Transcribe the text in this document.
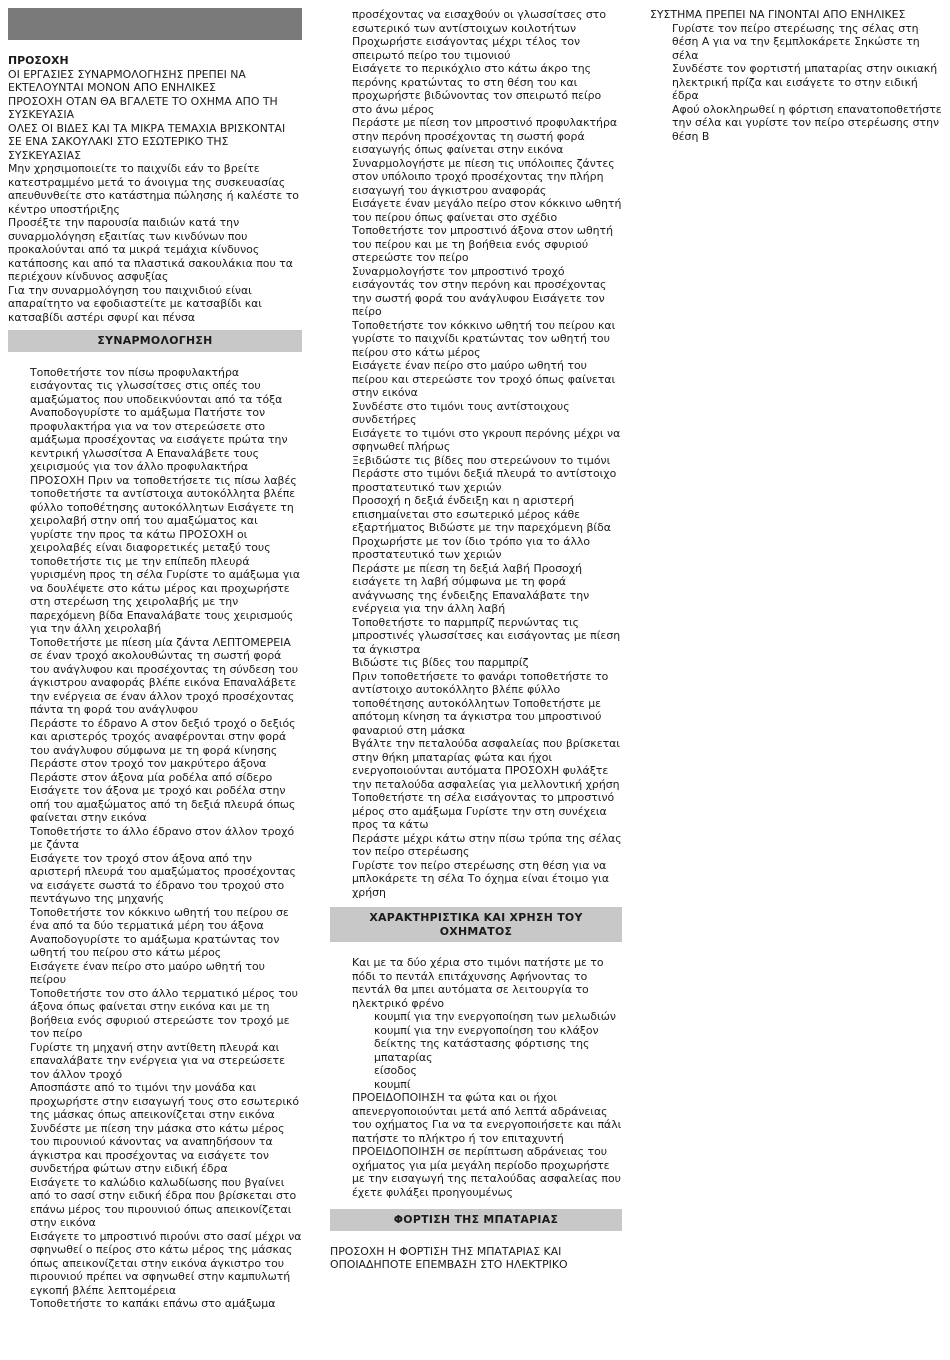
ΠΡΟΣΟΧΗ
ΟΙ ΕΡΓΑΣΙΕΣ ΣΥΝΑΡΜΟΛΟΓΗΣΗΣ ΠΡΕΠΕΙ ΝΑ ΕΚΤΕΛΟΥΝΤΑΙ ΜΟΝΟΝ ΑΠΟ ΕΝΗΛΙΚΕΣ
ΠΡΟΣΟΧΗ ΟΤΑΝ ΘΑ ΒΓΑΛΕΤΕ ΤΟ ΟΧΗΜΑ ΑΠΟ ΤΗ ΣΥΣΚΕΥΑΣΙΑ
ΟΛΕΣ ΟΙ ΒΙΔΕΣ ΚΑΙ ΤΑ ΜΙΚΡΑ ΤΕΜΑΧΙΑ ΒΡΙΣΚΟΝΤΑΙ ΣΕ ΕΝΑ ΣΑΚΟΥΛΑΚΙ ΣΤΟ ΕΣΩΤΕΡΙΚΟ ΤΗΣ ΣΥΣΚΕΥΑΣΙΑΣ
Μην χρησιμοποιείτε το παιχνίδι εάν το βρείτε κατεστραμμένο μετά το άνοιγμα της συσκευασίας απευθυνθείτε στο κατάστημα πώλησης ή καλέστε το κέντρο υποστήριξης
Προσέξτε την παρουσία παιδιών κατά την συναρμολόγηση εξαιτίας των κινδύνων που προκαλούνται από τα μικρά τεμάχια κίνδυνος κατάποσης και από τα πλαστικά σακουλάκια που τα περιέχουν κίνδυνος ασφυξίας
Για την συναρμολόγηση του παιχνιδιού είναι απαραίτητο να εφοδιαστείτε με κατσαβίδι και κατσαβίδι αστέρι σφυρί και πένσα
ΣΥΝΑΡΜΟΛΟΓΗΣΗ
Τοποθετήστε τον πίσω προφυλακτήρα εισάγοντας τις γλωσσίτσες στις οπές του αμαξώματος που υποδεικνύονται από τα τόξα Αναποδογυρίστε το αμάξωμα Πατήστε τον προφυλακτήρα για να τον στερεώσετε στο αμάξωμα προσέχοντας να εισάγετε πρώτα την κεντρική γλωσσίτσα Α Επαναλάβετε τους χειρισμούς για τον άλλο προφυλακτήρα ΠΡΟΣΟΧΗ Πριν να τοποθετήσετε τις πίσω λαβές τοποθετήστε τα αντίστοιχα αυτοκόλλητα βλέπε φύλλο τοποθέτησης αυτοκόλλητων Εισάγετε τη χειρολαβή στην οπή του αμαξώματος και γυρίστε την προς τα κάτω ΠΡΟΣΟΧΗ οι χειρολαβές είναι διαφορετικές μεταξύ τους τοποθετήστε τις με την επίπεδη πλευρά γυρισμένη προς τη σέλα Γυρίστε το αμάξωμα για να δουλέψετε στο κάτω μέρος και προχωρήστε στη στερέωση της χειρολαβής με την παρεχόμενη βίδα Επαναλάβατε τους χειρισμούς για την άλλη χειρολαβή
Τοποθετήστε με πίεση μία ζάντα ΛΕΠΤΟΜΕΡΕΙΑ σε έναν τροχό ακολουθώντας τη σωστή φορά του ανάγλυφου και προσέχοντας τη σύνδεση του άγκιστρου αναφοράς βλέπε εικόνα Επαναλάβετε την ενέργεια σε έναν άλλον τροχό προσέχοντας πάντα τη φορά του ανάγλυφου
Περάστε το έδρανο Α στον δεξιό τροχό ο δεξιός και αριστερός τροχός αναφέρονται στην φορά του ανάγλυφου σύμφωνα με τη φορά κίνησης
Περάστε στον τροχό τον μακρύτερο άξονα
Περάστε στον άξονα μία ροδέλα από σίδερο
Εισάγετε τον άξονα με τροχό και ροδέλα στην οπή του αμαξώματος από τη δεξιά πλευρά όπως φαίνεται στην εικόνα
Τοποθετήστε το άλλο έδρανο στον άλλον τροχό με ζάντα
Εισάγετε τον τροχό στον άξονα από την αριστερή πλευρά του αμαξώματος προσέχοντας να εισάγετε σωστά το έδρανο του τροχού στο πεντάγωνο της μηχανής
Τοποθετήστε τον κόκκινο ωθητή του πείρου σε ένα από τα δύο τερματικά μέρη του άξονα Αναποδογυρίστε το αμάξωμα κρατώντας τον ωθητή του πείρου στο κάτω μέρος
Εισάγετε έναν πείρο στο μαύρο ωθητή του πείρου
Τοποθετήστε τον στο άλλο τερματικό μέρος του άξονα όπως φαίνεται στην εικόνα και με τη βοήθεια ενός σφυριού στερεώστε τον τροχό με τον πείρο
Γυρίστε τη μηχανή στην αντίθετη πλευρά και επαναλάβατε την ενέργεια για να στερεώσετε τον άλλον τροχό
Αποσπάστε από το τιμόνι την μονάδα και προχωρήστε στην εισαγωγή τους στο εσωτερικό της μάσκας όπως απεικονίζεται στην εικόνα
Συνδέστε με πίεση την μάσκα στο κάτω μέρος του πιρουνιού κάνοντας να αναπηδήσουν τα άγκιστρα και προσέχοντας να εισάγετε τον συνδετήρα φώτων στην ειδική έδρα
Εισάγετε το καλώδιο καλωδίωσης που βγαίνει από το σασί στην ειδική έδρα που βρίσκεται στο επάνω μέρος του πιρουνιού όπως απεικονίζεται στην εικόνα
Εισάγετε το μπροστινό πιρούνι στο σασί μέχρι να σφηνωθεί ο πείρος στο κάτω μέρος της μάσκας όπως απεικονίζεται στην εικόνα άγκιστρο του πιρουνιού πρέπει να σφηνωθεί στην καμπυλωτή εγκοπή βλέπε λεπτομέρεια
Τοποθετήστε το καπάκι επάνω στο αμάξωμα
προσέχοντας να εισαχθούν οι γλωσσίτσες στο εσωτερικό των αντίστοιχων κοιλοτήτων
Προχωρήστε εισάγοντας μέχρι τέλος τον σπειρωτό πείρο του τιμονιού
Εισάγετε το περικόχλιο στο κάτω άκρο της περόνης κρατώντας το στη θέση του και προχωρήστε βιδώνοντας τον σπειρωτό πείρο στο άνω μέρος
Περάστε με πίεση τον μπροστινό προφυλακτήρα στην περόνη προσέχοντας τη σωστή φορά εισαγωγής όπως φαίνεται στην εικόνα
Συναρμολογήστε με πίεση τις υπόλοιπες ζάντες στον υπόλοιπο τροχό προσέχοντας την πλήρη εισαγωγή του άγκιστρου αναφοράς
Εισάγετε έναν μεγάλο πείρο στον κόκκινο ωθητή του πείρου όπως φαίνεται στο σχέδιο
Τοποθετήστε τον μπροστινό άξονα στον ωθητή του πείρου και με τη βοήθεια ενός σφυριού στερεώστε τον πείρο
Συναρμολογήστε τον μπροστινό τροχό εισάγοντάς τον στην περόνη και προσέχοντας την σωστή φορά του ανάγλυφου Εισάγετε τον πείρο
Τοποθετήστε τον κόκκινο ωθητή του πείρου και γυρίστε το παιχνίδι κρατώντας τον ωθητή του πείρου στο κάτω μέρος
Εισάγετε έναν πείρο στο μαύρο ωθητή του πείρου και στερεώστε τον τροχό όπως φαίνεται στην εικόνα
Συνδέστε στο τιμόνι τους αντίστοιχους συνδετήρες
Εισάγετε το τιμόνι στο γκρουπ περόνης μέχρι να σφηνωθεί πλήρως
Ξεβιδώστε τις βίδες που στερεώνουν το τιμόνι
Περάστε στο τιμόνι δεξιά πλευρά το αντίστοιχο προστατευτικό των χεριών
Προσοχή η δεξιά ένδειξη και η αριστερή επισημαίνεται στο εσωτερικό μέρος κάθε εξαρτήματος Βιδώστε με την παρεχόμενη βίδα Προχωρήστε με τον ίδιο τρόπο για το άλλο προστατευτικό των χεριών
Περάστε με πίεση τη δεξιά λαβή Προσοχή εισάγετε τη λαβή σύμφωνα με τη φορά ανάγνωσης της ένδειξης Επαναλάβατε την ενέργεια για την άλλη λαβή
Τοποθετήστε το παρμπρίζ περνώντας τις μπροστινές γλωσσίτσες και εισάγοντας με πίεση τα άγκιστρα
Βιδώστε τις βίδες του παρμπρίζ
Πριν τοποθετήσετε το φανάρι τοποθετήστε το αντίστοιχο αυτοκόλλητο βλέπε φύλλο τοποθέτησης αυτοκόλλητων Τοποθετήστε με απότομη κίνηση τα άγκιστρα του μπροστινού φαναριού στη μάσκα
Βγάλτε την πεταλούδα ασφαλείας που βρίσκεται στην θήκη μπαταρίας φώτα και ήχοι ενεργοποιούνται αυτόματα ΠΡΟΣΟΧΗ φυλάξτε την πεταλούδα ασφαλείας για μελλοντική χρήση
Τοποθετήστε τη σέλα εισάγοντας το μπροστινό μέρος στο αμάξωμα Γυρίστε την στη συνέχεια προς τα κάτω
Περάστε μέχρι κάτω στην πίσω τρύπα της σέλας τον πείρο στερέωσης
Γυρίστε τον πείρο στερέωσης στη θέση για να μπλοκάρετε τη σέλα Το όχημα είναι έτοιμο για χρήση
ΧΑΡΑΚΤΗΡΙΣΤΙΚΑ ΚΑΙ ΧΡΗΣΗ ΤΟΥ ΟΧΗΜΑΤΟΣ
Και με τα δύο χέρια στο τιμόνι πατήστε με το πόδι το πεντάλ επιτάχυνσης Αφήνοντας το πεντάλ θα μπει αυτόματα σε λειτουργία το ηλεκτρικό φρένο
κουμπί για την ενεργοποίηση των μελωδιών
κουμπί για την ενεργοποίηση του κλάξον
δείκτης της κατάστασης φόρτισης της μπαταρίας
είσοδος
κουμπί
ΠΡΟΕΙΔΟΠΟΙΗΣΗ τα φώτα και οι ήχοι απενεργοποιούνται μετά από λεπτά αδράνειας του οχήματος Για να τα ενεργοποιήσετε και πάλι πατήστε το πλήκτρο ή τον επιταχυντή
ΠΡΟΕΙΔΟΠΟΙΗΣΗ σε περίπτωση αδράνειας του οχήματος για μία μεγάλη περίοδο προχωρήστε με την εισαγωγή της πεταλούδας ασφαλείας που έχετε φυλάξει προηγουμένως
ΦΟΡΤΙΣΗ ΤΗΣ ΜΠΑΤΑΡΙΑΣ
ΠΡΟΣΟΧΗ Η ΦΟΡΤΙΣΗ ΤΗΣ ΜΠΑΤΑΡΙΑΣ ΚΑΙ ΟΠΟΙΑΔΗΠΟΤΕ ΕΠΕΜΒΑΣΗ ΣΤΟ ΗΛΕΚΤΡΙΚΟ
ΣΥΣΤΗΜΑ ΠΡΕΠΕΙ ΝΑ ΓΙΝΟΝΤΑΙ ΑΠΟ ΕΝΗΛΙΚΕΣ
Γυρίστε τον πείρο στερέωσης της σέλας στη θέση Α για να την ξεμπλοκάρετε Σηκώστε τη σέλα
Συνδέστε τον φορτιστή μπαταρίας στην οικιακή ηλεκτρική πρίζα και εισάγετε το στην ειδική έδρα
Αφού ολοκληρωθεί η φόρτιση επανατοποθετήστε την σέλα και γυρίστε τον πείρο στερέωσης στην θέση Β
